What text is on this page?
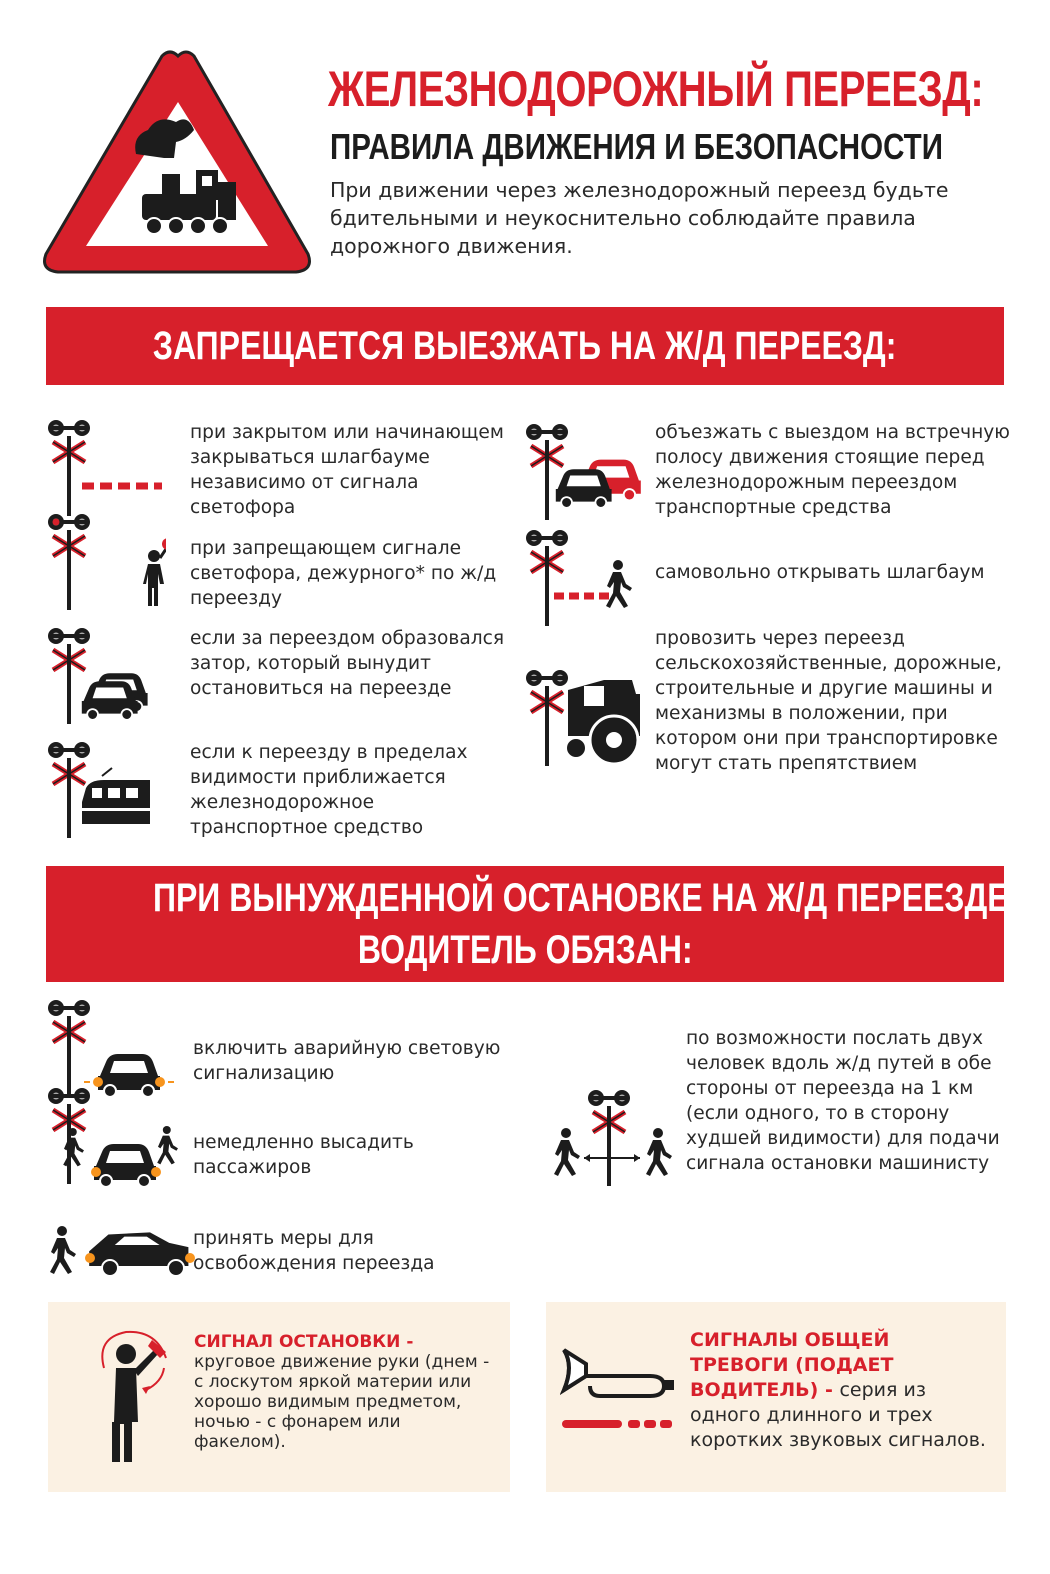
ЖЕЛЕЗНОДОРОЖНЫЙ ПЕРЕЕЗД:
ПРАВИЛА ДВИЖЕНИЯ И БЕЗОПАСНОСТИ
При движении через железнодорожный переезд будьте бдительными и неукоснительно соблюдайте правила дорожного движения.
ЗАПРЕЩАЕТСЯ ВЫЕЗЖАТЬ НА Ж/Д ПЕРЕЕЗД:
при закрытом или начинающем закрываться шлагбауме независимо от сигнала светофора
при запрещающем сигнале светофора, дежурного* по ж/д переезду
если за переездом образовался затор, который вынудит остановиться на переезде
если к переезду в пределах видимости приближается железнодорожное транспортное средство
объезжать с выездом на встречную полосу движения стоящие перед железнодорожным переездом транспортные средства
самовольно открывать шлагбаум
провозить через переезд сельскохозяйственные, дорожные, строительные и другие машины и механизмы в положении, при котором они при транспортировке могут стать препятствием
ПРИ ВЫНУЖДЕННОЙ ОСТАНОВКЕ НА Ж/Д ПЕРЕЕЗДЕ
ВОДИТЕЛЬ ОБЯЗАН:
включить аварийную световую сигнализацию
немедленно высадить пассажиров
принять меры для освобождения переезда
по возможности послать двух человек вдоль ж/д путей в обе стороны от переезда на 1 км (если одного, то в сторону худшей видимости) для подачи сигнала остановки машинисту
СИГНАЛ ОСТАНОВКИ - круговое движение руки (днем - с лоскутом яркой материи или хорошо видимым предметом, ночью - с фонарем или факелом).
СИГНАЛЫ ОБЩЕЙ ТРЕВОГИ (ПОДАЕТ ВОДИТЕЛЬ) - серия из одного длинного и трех коротких звуковых сигналов.
